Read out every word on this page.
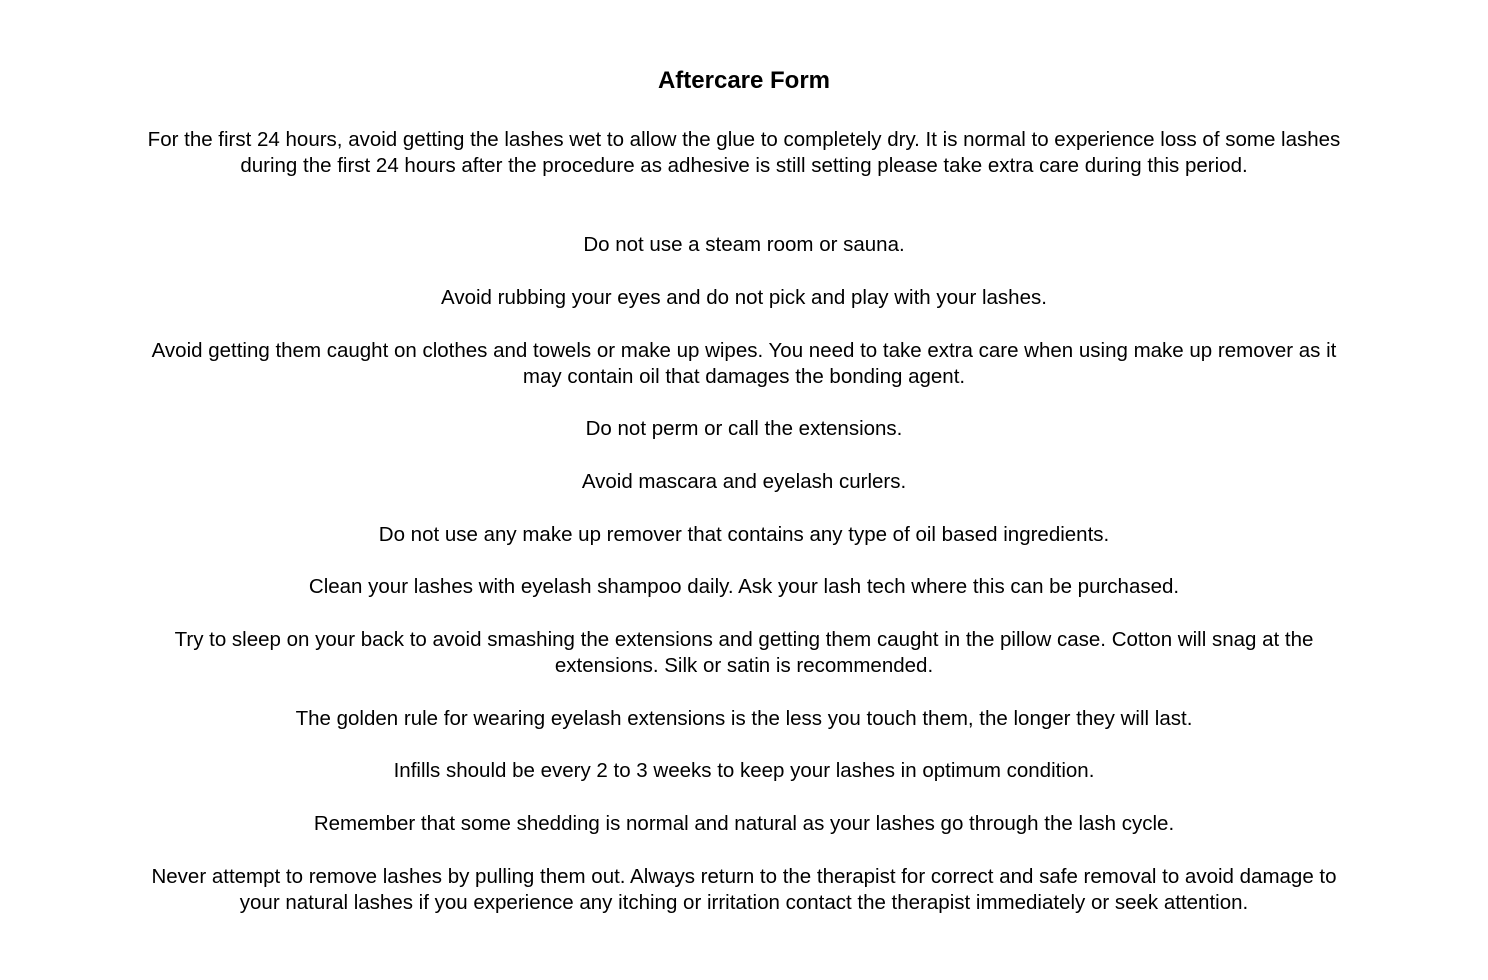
Aftercare Form

For the first 24 hours, avoid getting the lashes wet to allow the glue to completely dry. It is normal to experience loss of some lashes during the first 24 hours after the procedure as adhesive is still setting please take extra care during this period.

Do not use a steam room or sauna.

Avoid rubbing your eyes and do not pick and play with your lashes.

Avoid getting them caught on clothes and towels or make up wipes. You need to take extra care when using make up remover as it may contain oil that damages the bonding agent.

Do not perm or call the extensions.

Avoid mascara and eyelash curlers.

Do not use any make up remover that contains any type of oil based ingredients.

Clean your lashes with eyelash shampoo daily. Ask your lash tech where this can be purchased.

Try to sleep on your back to avoid smashing the extensions and getting them caught in the pillow case. Cotton will snag at the extensions. Silk or satin is recommended.

The golden rule for wearing eyelash extensions is the less you touch them, the longer they will last.

Infills should be every 2 to 3 weeks to keep your lashes in optimum condition.

Remember that some shedding is normal and natural as your lashes go through the lash cycle.

Never attempt to remove lashes by pulling them out. Always return to the therapist for correct and safe removal to avoid damage to your natural lashes if you experience any itching or irritation contact the therapist immediately or seek attention.
